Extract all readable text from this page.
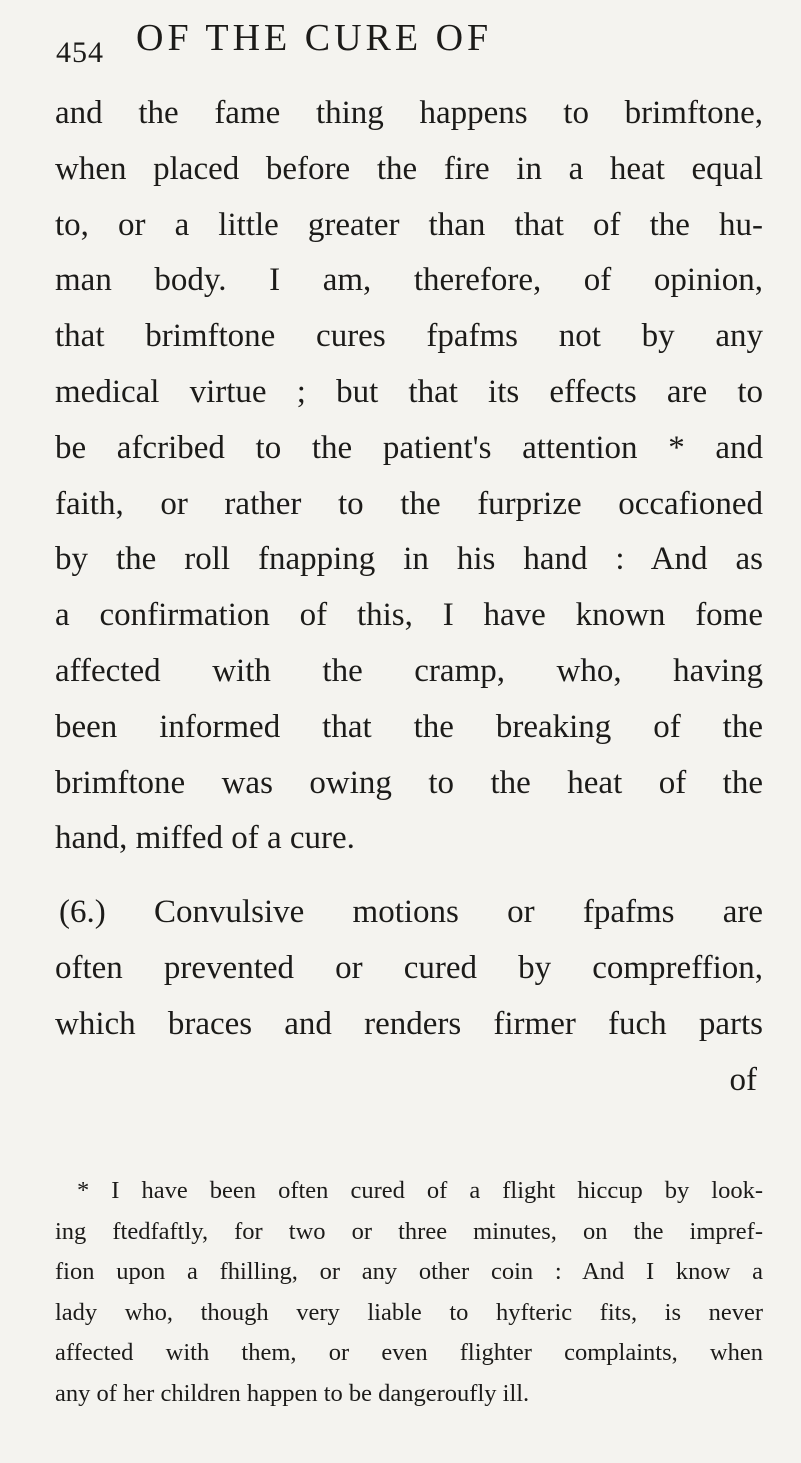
454 OF THE CURE OF
and the fame thing happens to brimftone,
when placed before the fire in a heat equal
to, or a little greater than that of the hu-
man body. I am, therefore, of opinion,
that brimftone cures fpafms not by any
medical virtue ; but that its effects are to
be afcribed to the patient's attention * and
faith, or rather to the furprize occafioned
by the roll fnapping in his hand : And as
a confirmation of this, I have known fome
affected with the cramp, who, having
been informed that the breaking of the
brimftone was owing to the heat of the
hand, miffed of a cure.
(6.) Convulsive motions or fpafms are
often prevented or cured by compreffion,
which braces and renders firmer fuch parts
of
* I have been often cured of a flight hiccup by look-
ing ftedfaftly, for two or three minutes, on the impref-
fion upon a fhilling, or any other coin : And I know a
lady who, though very liable to hyfteric fits, is never
affected with them, or even flighter complaints, when
any of her children happen to be dangeroufly ill.
